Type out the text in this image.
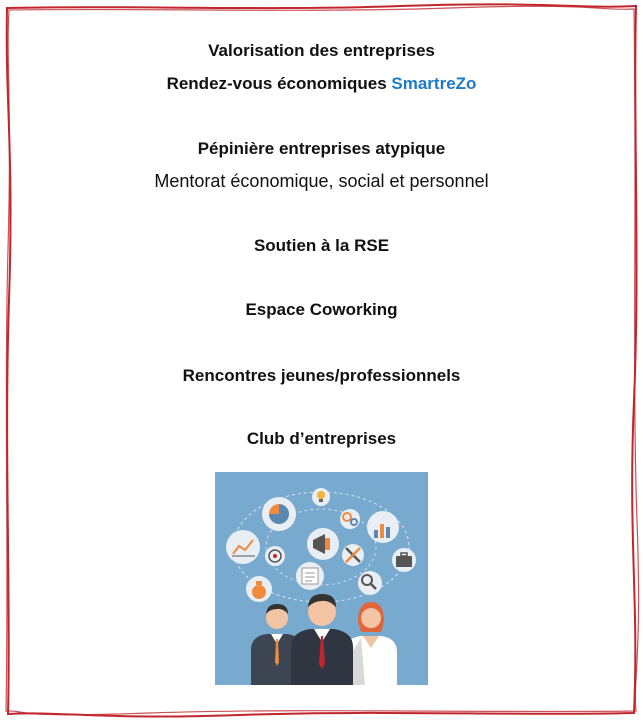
Valorisation des entreprises
Rendez-vous économiques SmartreZo
Pépinière entreprises atypique
Mentorat économique, social et personnel
Soutien à la RSE
Espace Coworking
Rencontres jeunes/professionnels
Club d’entreprises
